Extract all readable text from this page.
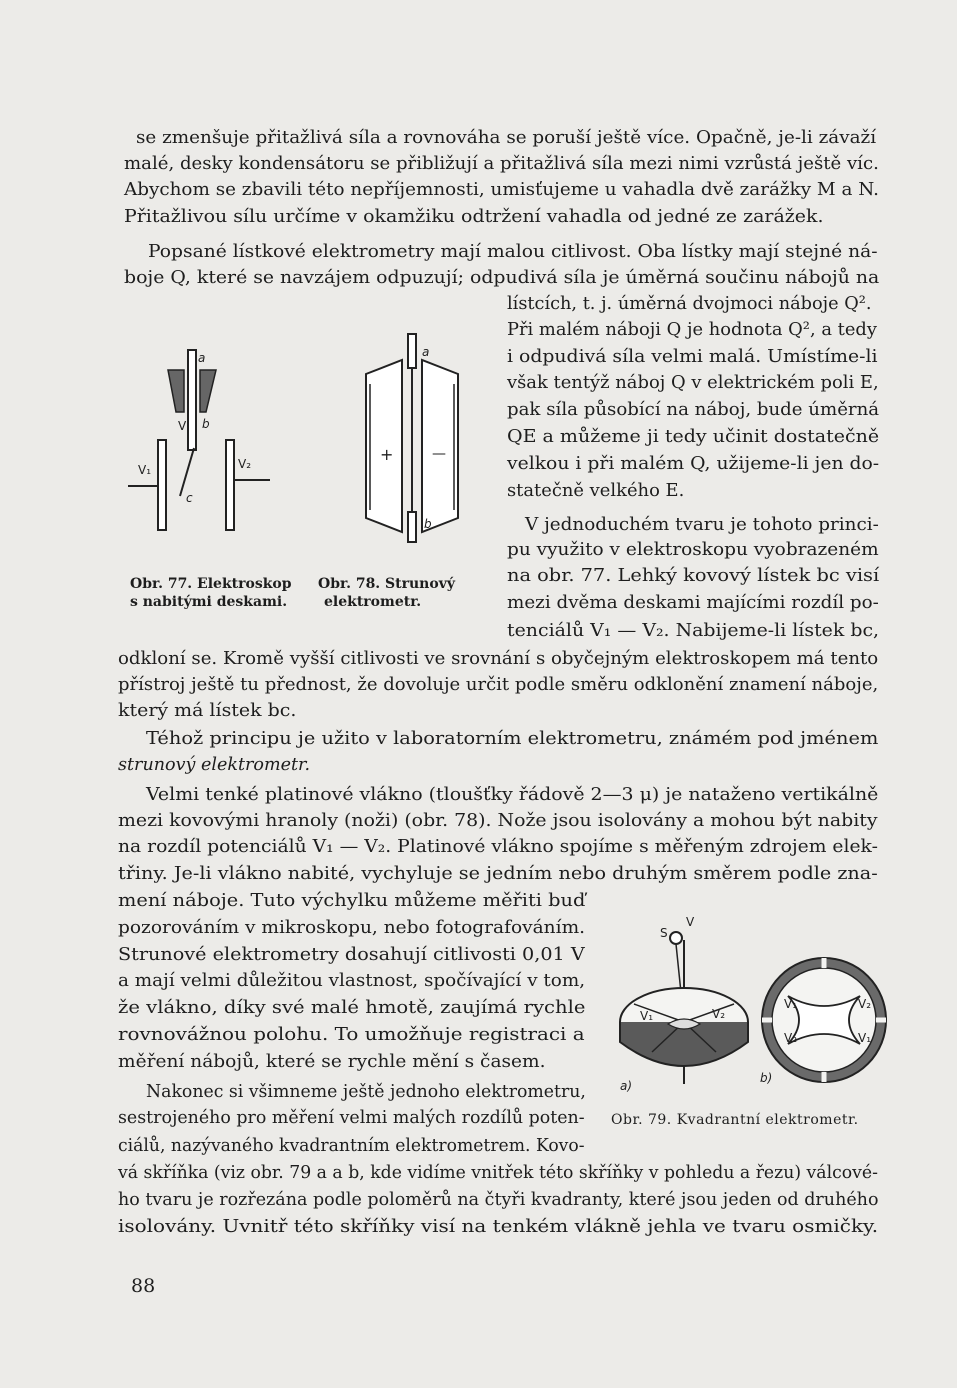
se zmenšuje přitažlivá síla a rovnováha se poruší ještě více. Opačně, je-li závaží
malé, desky kondensátoru se přibližují a přitažlivá síla mezi nimi vzrůstá ještě víc.
Abychom se zbavili této nepříjemnosti, umisťujeme u vahadla dvě zarážky M a N.
Přitažlivou sílu určíme v okamžiku odtržení vahadla od jedné ze zarážek.
Popsané lístkové elektrometry mají malou citlivost. Oba lístky mají stejné ná-
boje Q, které se navzájem odpuzují; odpudivá síla je úměrná součinu nábojů na
lístcích, t. j. úměrná dvojmoci náboje Q².
Při malém náboji Q je hodnota Q², a tedy
i odpudivá síla velmi malá. Umístíme-li
však tentýž náboj Q v elektrickém poli E,
pak síla působící na náboj, bude úměrná
QE a můžeme ji tedy učinit dostatečně
velkou i při malém Q, užijeme-li jen do-
statečně velkého E.
V jednoduchém tvaru je tohoto princi-
pu využito v elektroskopu vyobrazeném
na obr. 77. Lehký kovový lístek bc visí
mezi dvěma deskami majícími rozdíl po-
tenciálů V₁ — V₂. Nabijeme-li lístek bc,
odkloní se. Kromě vyšší citlivosti ve srovnání s obyčejným elektroskopem má tento
přístroj ještě tu přednost, že dovoluje určit podle směru odklonění znamení náboje,
který má lístek bc.
Téhož principu je užito v laboratorním elektrometru, známém pod jménem
strunový elektrometr.
Velmi tenké platinové vlákno (tloušťky řádově 2—3 μ) je nataženo vertikálně
mezi kovovými hranoly (noži) (obr. 78). Nože jsou isolovány a mohou být nabity
na rozdíl potenciálů V₁ — V₂. Platinové vlákno spojíme s měřeným zdrojem elek-
třiny. Je-li vlákno nabité, vychyluje se jedním nebo druhým směrem podle zna-
mení náboje. Tuto výchylku můžeme měřiti buď
pozorováním v mikroskopu, nebo fotografováním.
Strunové elektrometry dosahují citlivosti 0,01 V
a mají velmi důležitou vlastnost, spočívající v tom,
že vlákno, díky své malé hmotě, zaujímá rychle
rovnovážnou polohu. To umožňuje registraci a
měření nábojů, které se rychle mění s časem.
Nakonec si všimneme ještě jednoho elektrometru,
sestrojeného pro měření velmi malých rozdílů poten-
ciálů, nazývaného kvadrantním elektrometrem. Kovo-
vá skříňka (viz obr. 79 a a b, kde vidíme vnitřek této skříňky v pohledu a řezu) válcové-
ho tvaru je rozřezána podle poloměrů na čtyři kvadranty, které jsou jeden od druhého
isolovány. Uvnitř této skříňky visí na tenkém vlákně jehla ve tvaru osmičky.
a
b
c
V
V₁	V₂
a
b
+	—
Obr. 77. Elektroskop
s nabitými deskami.
Obr. 78. Strunový
elektrometr.
S
V
V₁	V₂
a)
V₁	V₂
V₂	V₁
b)
Obr. 79. Kvadrantní elektrometr.
88
